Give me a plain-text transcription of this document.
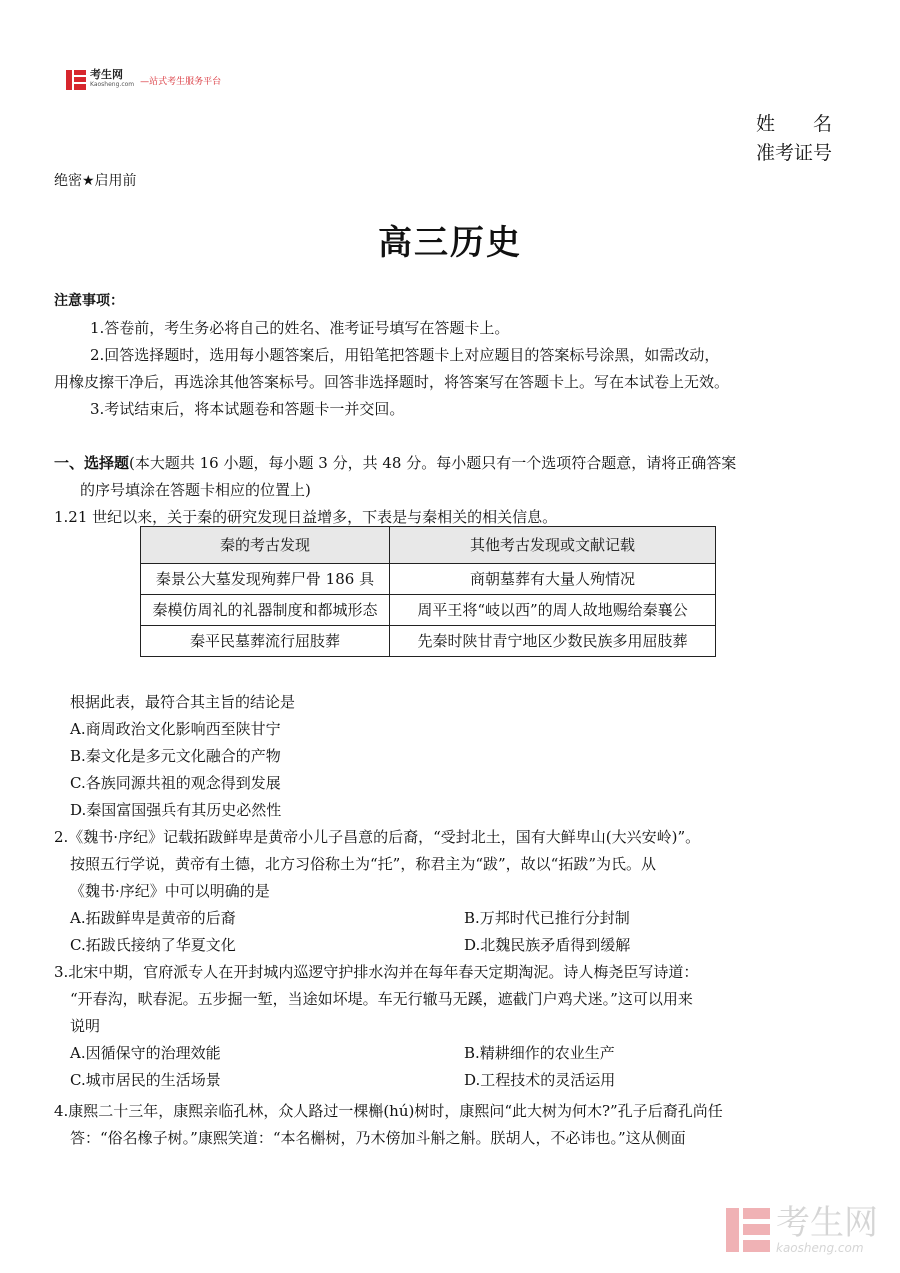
考生网
Kaosheng.com —站式考生服务平台
姓　　名
准考证号
绝密★启用前
高三历史
注意事项：
1.答卷前，考生务必将自己的姓名、准考证号填写在答题卡上。
2.回答选择题时，选用每小题答案后，用铅笔把答题卡上对应题目的答案标号涂黑，如需改动，
用橡皮擦干净后，再选涂其他答案标号。回答非选择题时，将答案写在答题卡上。写在本试卷上无效。
3.考试结束后，将本试题卷和答题卡一并交回。
一、选择题(本大题共 16 小题，每小题 3 分，共 48 分。每小题只有一个选项符合题意，请将正确答案
的序号填涂在答题卡相应的位置上)
1.21 世纪以来，关于秦的研究发现日益增多，下表是与秦相关的相关信息。
秦的考古发现	其他考古发现或文献记载
秦景公大墓发现殉葬尸骨 186 具	商朝墓葬有大量人殉情况
秦模仿周礼的礼器制度和都城形态	周平王将“岐以西”的周人故地赐给秦襄公
秦平民墓葬流行屈肢葬	先秦时陕甘青宁地区少数民族多用屈肢葬
根据此表，最符合其主旨的结论是
A.商周政治文化影响西至陕甘宁
B.秦文化是多元文化融合的产物
C.各族同源共祖的观念得到发展
D.秦国富国强兵有其历史必然性
2.《魏书·序纪》记载拓跋鲜卑是黄帝小儿子昌意的后裔，“受封北土，国有大鲜卑山(大兴安岭)”。
按照五行学说，黄帝有土德，北方习俗称土为“托”，称君主为“跋”，故以“拓跋”为氏。从
《魏书·序纪》中可以明确的是
A.拓跋鲜卑是黄帝的后裔	B.万邦时代已推行分封制
C.拓跋氏接纳了华夏文化	D.北魏民族矛盾得到缓解
3.北宋中期，官府派专人在开封城内巡逻守护排水沟并在每年春天定期淘泥。诗人梅尧臣写诗道：
“开春沟，畎春泥。五步掘一堑，当途如坏堤。车无行辙马无蹊，遮截门户鸡犬迷。”这可以用来
说明
A.因循保守的治理效能	B.精耕细作的农业生产
C.城市居民的生活场景	D.工程技术的灵活运用
4.康熙二十三年，康熙亲临孔林，众人路过一棵槲(hú)树时，康熙问“此大树为何木?”孔子后裔孔尚任
答：“俗名橡子树。”康熙笑道：“本名槲树，乃木傍加斗斛之斛。朕胡人，不必讳也。”这从侧面
考生网
kaosheng.com
